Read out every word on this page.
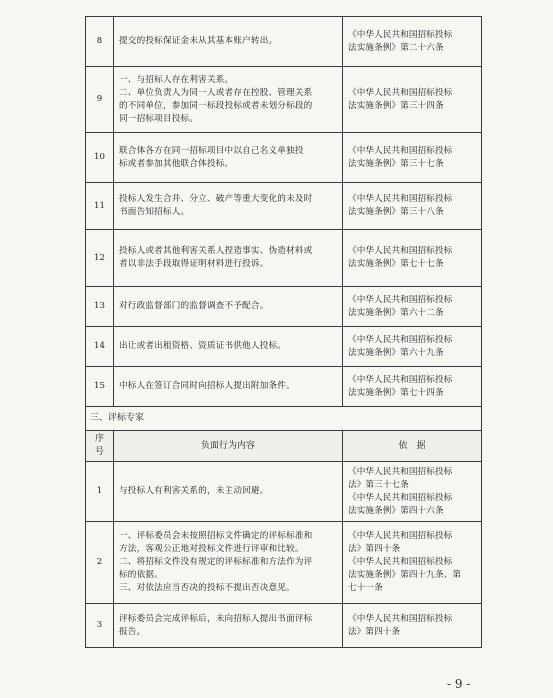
8	提交的投标保证金未从其基本账户转出。	《中华人民共和国招标投标
法实施条例》第二十六条

9	一、与招标人存在利害关系。
二、单位负责人为同一人或者存在控股、管理关系
的不同单位，参加同一标段投标或者未划分标段的
同一招标项目投标。	《中华人民共和国招标投标
法实施条例》第三十四条

10	联合体各方在同一招标项目中以自己名义单独投
标或者参加其他联合体投标。	《中华人民共和国招标投标
法实施条例》第三十七条

11	投标人发生合并、分立、破产等重大变化的未及时
书面告知招标人。	《中华人民共和国招标投标
法实施条例》第三十八条

12	投标人或者其他利害关系人捏造事实、伪造材料或
者以非法手段取得证明材料进行投诉。	《中华人民共和国招标投标
法实施条例》第七十七条

13	对行政监督部门的监督调查不予配合。	《中华人民共和国招标投标
法实施条例》第六十二条

14	出让或者出租资格、资质证书供他人投标。	《中华人民共和国招标投标
法实施条例》第六十九条

15	中标人在签订合同时向招标人提出附加条件。	《中华人民共和国招标投标
法实施条例》第七十四条

三、评标专家		
序号	负面行为内容	依　据
1	与投标人有利害关系的，未主动回避。	《中华人民共和国招标投标
法》第三十七条
《中华人民共和国招标投标
法实施条例》第四十六条

2	一、评标委员会未按照招标文件确定的评标标准和
方法，客观公正地对投标文件进行评审和比较。
二、将招标文件没有规定的评标标准和方法作为评
标的依据。
三、对依法应当否决的投标不提出否决意见。	《中华人民共和国招标投标
法》第四十条
《中华人民共和国招标投标
法实施条例》第四十九条、第
七十一条

3	评标委员会完成评标后，未向招标人提出书面评标
报告。	《中华人民共和国招标投标
法》第四十条
- 9 -
